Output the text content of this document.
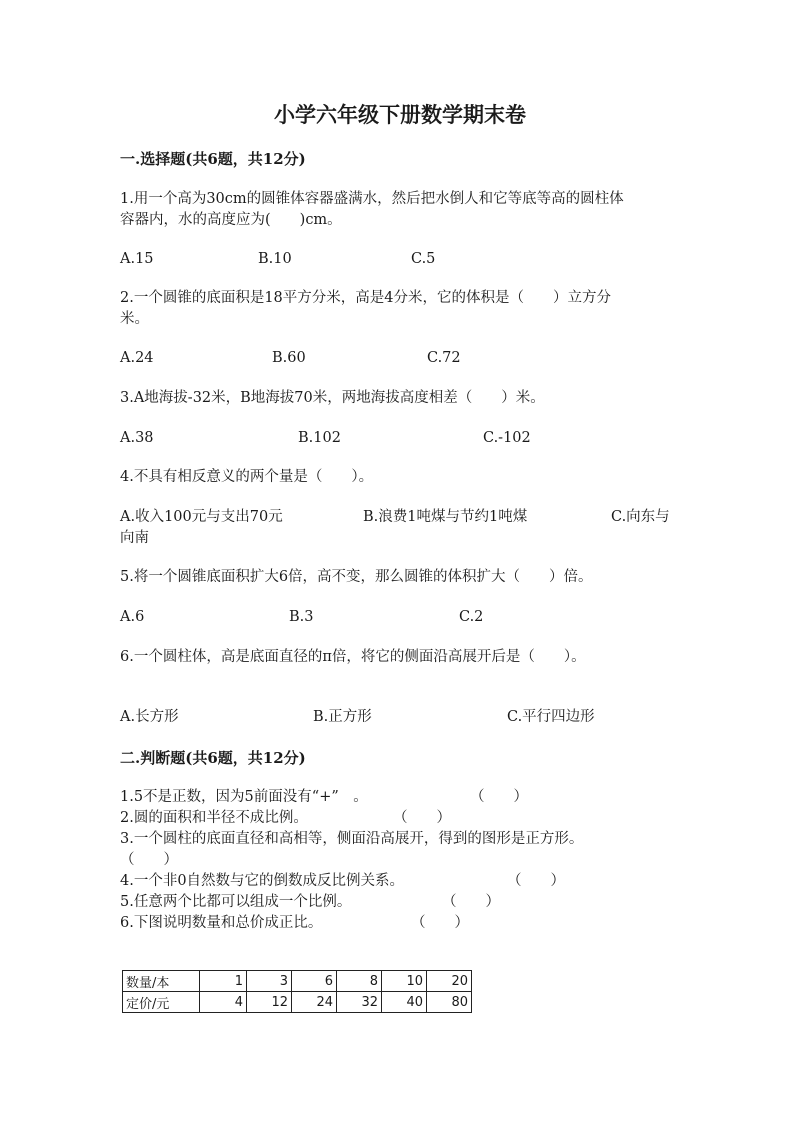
小学六年级下册数学期末卷
一.选择题(共6题，共12分)
1.用一个高为30cm的圆锥体容器盛满水，然后把水倒人和它等底等高的圆柱体
容器内，水的高度应为(　　)cm。
A.15	B.10	C.5
2.一个圆锥的底面积是18平方分米，高是4分米，它的体积是（　　）立方分
米。
A.24	B.60	C.72
3.A地海拔-32米，B地海拔70米，两地海拔高度相差（　　）米。
A.38	B.102	C.-102
4.不具有相反意义的两个量是（　　）。
A.收入100元与支出70元	B.浪费1吨煤与节约1吨煤	C.向东与
向南
5.将一个圆锥底面积扩大6倍，高不变，那么圆锥的体积扩大（　　）倍。
A.6	B.3	C.2
6.一个圆柱体，高是底面直径的π倍，将它的侧面沿高展开后是（　　）。
A.长方形	B.正方形	C.平行四边形
二.判断题(共6题，共12分)
1.5不是正数，因为5前面没有“+”　。	（　　）
2.圆的面积和半径不成比例。	（　　）
3.一个圆柱的底面直径和高相等，侧面沿高展开，得到的图形是正方形。
（　　）
4.一个非0自然数与它的倒数成反比例关系。	（　　）
5.任意两个比都可以组成一个比例。	（　　）
6.下图说明数量和总价成正比。	（　　）
数量/本	1	3	6	8	10	20
定价/元	4	12	24	32	40	80
